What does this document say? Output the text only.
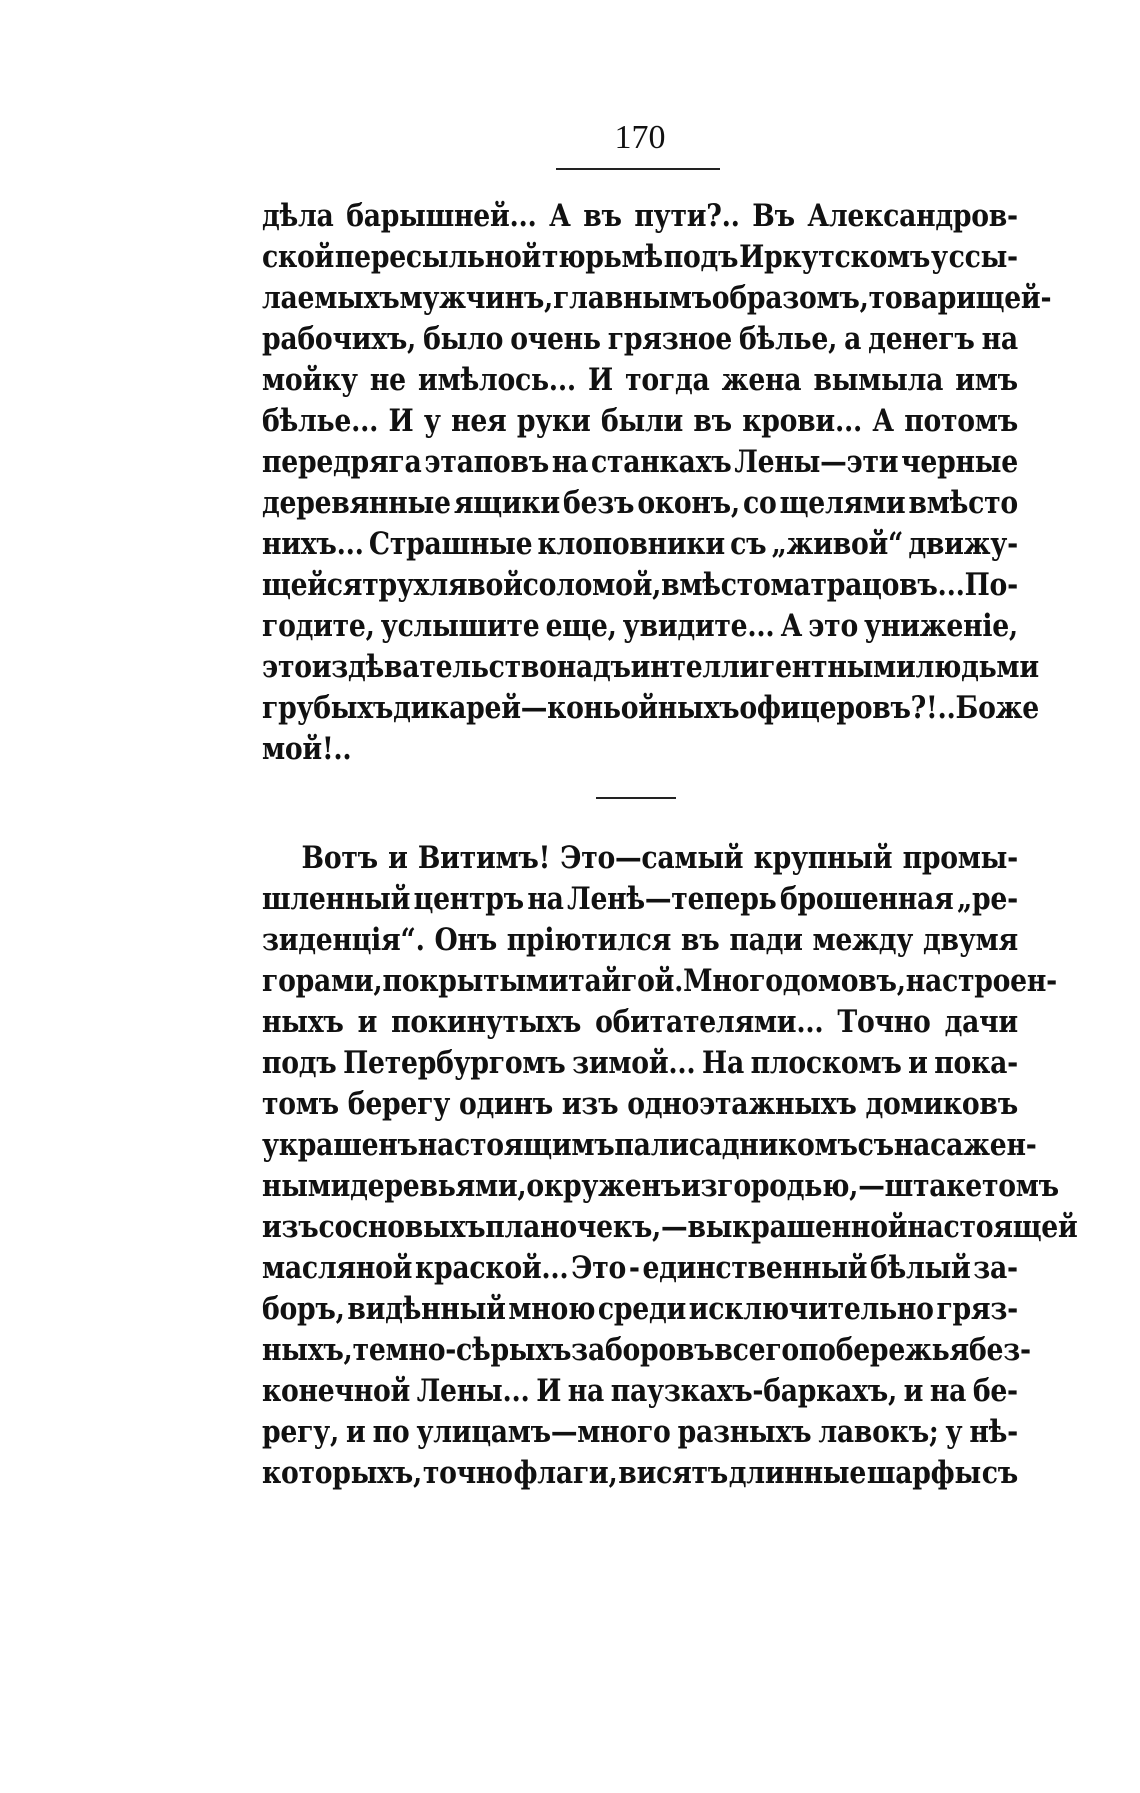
170
дѣла барышней... А въ пути?.. Въ Александров-
ской пересыльной тюрьмѣ подъ Иркутскомъ у ссы-
лаемыхъ мужчинъ, главнымъ образомъ, товарищей-
рабочихъ, было очень грязное бѣлье, а денегъ на
мойку не имѣлось... И тогда жена вымыла имъ
бѣлье... И у нея руки были въ крови... А потомъ
передряга этаповъ на станкахъ Лены—эти черные
деревянные ящики безъ оконъ, со щелями вмѣсто
нихъ... Страшные клоповники съ „живой“ движу-
щейся трухлявой соломой, вмѣсто матрацовъ... По-
годите, услышите еще, увидите... А это униженіе,
это издѣвательство надъ интеллигентными людьми
грубыхъ дикарей—коньойныхъ офицеровъ?!.. Боже
мой!..
Вотъ и Витимъ! Это—самый крупный промы-
шленный центръ на Ленѣ—теперь брошенная „ре-
зиденція“. Онъ пріютился въ пади между двумя
горами, покрытыми тайгой. Много домовъ, настроен-
ныхъ и покинутыхъ обитателями... Точно дачи
подъ Петербургомъ зимой... На плоскомъ и пока-
томъ берегу одинъ изъ одноэтажныхъ домиковъ
украшенъ настоящимъ палисадникомъ съ насажен-
ными деревьями, окруженъ изгородью,—штакетомъ
изъ сосновыхъ планочекъ,—выкрашенной настоящей
масляной краской... Это - единственный бѣлый за-
боръ, видѣнный мною среди исключительно гряз-
ныхъ, темно-сѣрыхъ заборовъ всего побережья без-
конечной Лены... И на паузкахъ-баркахъ, и на бе-
регу, и по улицамъ—много разныхъ лавокъ; у нѣ-
которыхъ, точно флаги, висятъ длинные шарфы съ
